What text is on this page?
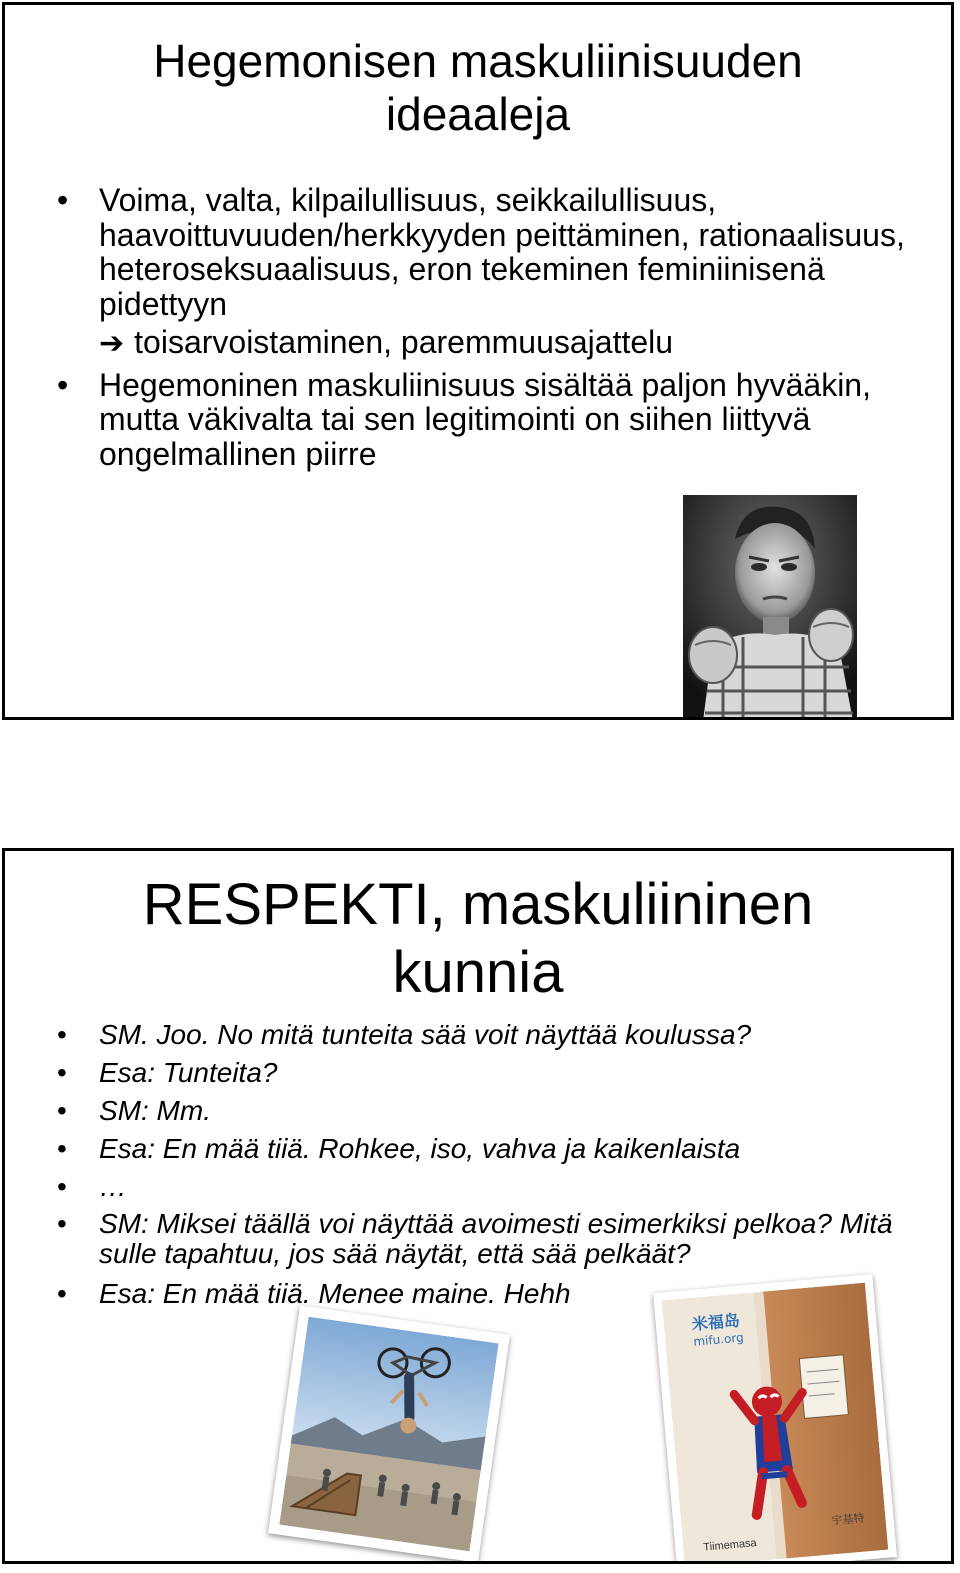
Hegemonisen maskuliinisuuden
ideaaleja
• Voima, valta, kilpailullisuus, seikkailullisuus, haavoittuvuuden/herkkyyden peittäminen, rationaalisuus, heteroseksuaalisuus, eron tekeminen feminiinisenä pidettyyn
➔ toisarvoistaminen, paremmuusajattelu
• Hegemoninen maskuliinisuus sisältää paljon hyvääkin, mutta väkivalta tai sen legitimointi on siihen liittyvä ongelmallinen piirre
RESPEKTI, maskuliininen
kunnia
• SM. Joo. No mitä tunteita sää voit näyttää koulussa?
• Esa: Tunteita?
• SM: Mm.
• Esa: En mää tiiä. Rohkee, iso, vahva ja kaikenlaista
• …
• SM: Miksei täällä voi näyttää avoimesti esimerkiksi pelkoa? Mitä sulle tapahtuu, jos sää näytät, että sää pelkäät?
• Esa: En mää tiiä. Menee maine. Hehh
米福岛
mifu.org
Tiimemasa
宇基特
